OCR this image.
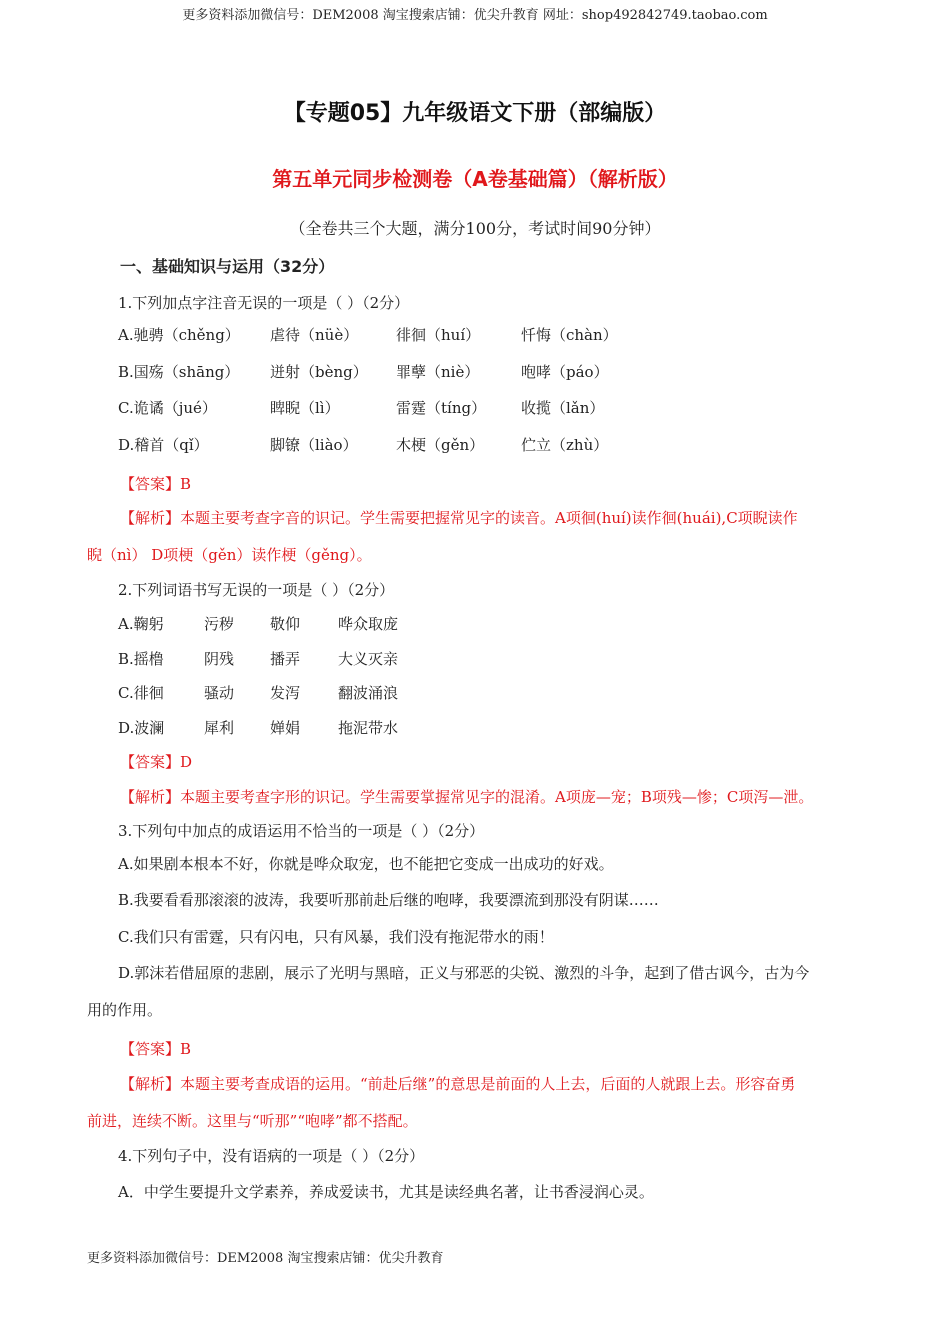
更多资料添加微信号：DEM2008 淘宝搜索店铺：优尖升教育 网址：shop492842749.taobao.com
【专题05】九年级语文下册（部编版）
第五单元同步检测卷（A卷基础篇）（解析版）
（全卷共三个大题，满分100分，考试时间90分钟）
一、基础知识与运用（32分）
1.下列加点字注音无误的一项是（ ）（2分）
A.驰骋（chěng） 虐待（nüè）	徘徊（huí）	忏悔（chàn）
B.国殇（shāng） 迸射（bèng） 罪孽（niè）	咆哮（páo）
C.诡谲（jué）	睥睨（lì）	雷霆（tíng） 收揽（lǎn）
D.稽首（qǐ）	脚镣（liào）	木梗（gěn） 伫立（zhù）
【答案】B
【解析】本题主要考查字音的识记。学生需要把握常见字的读音。A项徊(huí)读作徊(huái),C项睨读作
睨（nì） D项梗（gěn）读作梗（gěng）。
2.下列词语书写无误的一项是（ ）（2分）
A.鞠躬	污秽 敬仰	哗众取庞
B.摇橹	阴残 播弄	大义灭亲
C.徘徊	骚动 发泻	翻波涌浪
D.波澜	犀利 婵娟	拖泥带水
【答案】D
【解析】本题主要考查字形的识记。学生需要掌握常见字的混淆。A项庞—宠；B项残—惨；C项泻—泄。
3.下列句中加点的成语运用不恰当的一项是（ ）（2分）
A.如果剧本根本不好，你就是哗众取宠，也不能把它变成一出成功的好戏。
B.我要看看那滚滚的波涛，我要听那前赴后继的咆哮，我要漂流到那没有阴谋……
C.我们只有雷霆，只有闪电，只有风暴，我们没有拖泥带水的雨！
D.郭沫若借屈原的悲剧，展示了光明与黑暗，正义与邪恶的尖锐、激烈的斗争，起到了借古讽今，古为今
用的作用。
【答案】B
【解析】本题主要考查成语的运用。“前赴后继”的意思是前面的人上去，后面的人就跟上去。形容奋勇
前进，连续不断。这里与“听那”“咆哮”都不搭配。
4.下列句子中，没有语病的一项是（ ）（2分）
A．中学生要提升文学素养，养成爱读书，尤其是读经典名著，让书香浸润心灵。
更多资料添加微信号：DEM2008 淘宝搜索店铺：优尖升教育
